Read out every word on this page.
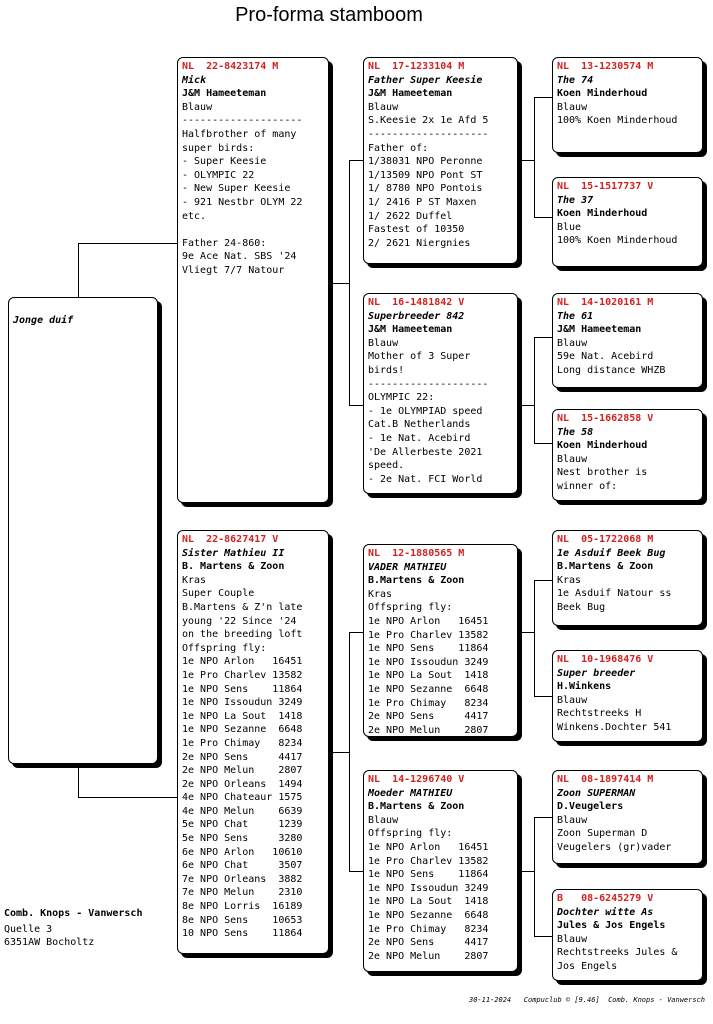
Pro-forma stamboom
Jonge duif
NL  22-8423174 M
Mick
J&M Hameeteman
Blauw
--------------------
Halfbrother of many
super birds:
- Super Keesie
- OLYMPIC 22
- New Super Keesie
- 921 Nestbr OLYM 22
etc.
Father 24-860:
9e Ace Nat. SBS '24
Vliegt 7/7 Natour
NL  22-8627417 V
Sister Mathieu II
B. Martens & Zoon
Kras
Super Couple
B.Martens & Z'n late
young '22 Since '24
on the breeding loft
Offspring fly:
1e NPO Arlon   16451
1e Pro Charlev 13582
1e NPO Sens    11864
1e NPO Issoudun 3249
1e NPO La Sout  1418
1e NPO Sezanne  6648
1e Pro Chimay   8234
2e NPO Sens     4417
2e NPO Melun    2807
2e NPO Orleans  1494
4e NPO Chateaur 1575
4e NPO Melun    6639
5e NPO Chat     1239
5e NPO Sens     3280
6e NPO Arlon   10610
6e NPO Chat     3507
7e NPO Orleans  3882
7e NPO Melun    2310
8e NPO Lorris  16189
8e NPO Sens    10653
10 NPO Sens    11864
NL  17-1233104 M
Father Super Keesie
J&M Hameeteman
Blauw
S.Keesie 2x 1e Afd 5
--------------------
Father of:
1/38031 NPO Peronne
1/13509 NPO Pont ST
1/ 8780 NPO Pontois
1/ 2416 P ST Maxen
1/ 2622 Duffel
Fastest of 10350
2/ 2621 Niergnies
NL  16-1481842 V
Superbreeder 842
J&M Hameeteman
Blauw
Mother of 3 Super
birds!
--------------------
OLYMPIC 22:
- 1e OLYMPIAD speed
Cat.B Netherlands
- 1e Nat. Acebird
'De Allerbeste 2021
speed.
- 2e Nat. FCI World
NL  12-1880565 M
VADER MATHIEU
B.Martens & Zoon
Kras
Offspring fly:
1e NPO Arlon   16451
1e Pro Charlev 13582
1e NPO Sens    11864
1e NPO Issoudun 3249
1e NPO La Sout  1418
1e NPO Sezanne  6648
1e Pro Chimay   8234
2e NPO Sens     4417
2e NPO Melun    2807
NL  14-1296740 V
Moeder MATHIEU
B.Martens & Zoon
Blauw
Offspring fly:
1e NPO Arlon   16451
1e Pro Charlev 13582
1e NPO Sens    11864
1e NPO Issoudun 3249
1e NPO La Sout  1418
1e NPO Sezanne  6648
1e Pro Chimay   8234
2e NPO Sens     4417
2e NPO Melun    2807
NL  13-1230574 M
The 74
Koen Minderhoud
Blauw
100% Koen Minderhoud
NL  15-1517737 V
The 37
Koen Minderhoud
Blue
100% Koen Minderhoud
NL  14-1020161 M
The 61
J&M Hameeteman
Blauw
59e Nat. Acebird
Long distance WHZB
NL  15-1662858 V
The 58
Koen Minderhoud
Blauw
Nest brother is
winner of:
NL  05-1722068 M
1e Asduif Beek Bug
B.Martens & Zoon
Kras
1e Asduif Natour ss
Beek Bug
NL  10-1968476 V
Super breeder
H.Winkens
Blauw
Rechtstreeks H
Winkens.Dochter 541
NL  08-1897414 M
Zoon SUPERMAN
D.Veugelers
Blauw
Zoon Superman D
Veugelers (gr)vader
B   08-6245279 V
Dochter witte As
Jules & Jos Engels
Blauw
Rechtstreeks Jules &
Jos Engels
Comb. Knops - Vanwersch
Quelle 3
6351AW Bocholtz
30-11-2024   Compuclub © [9.46]  Comb. Knops - Vanwersch
